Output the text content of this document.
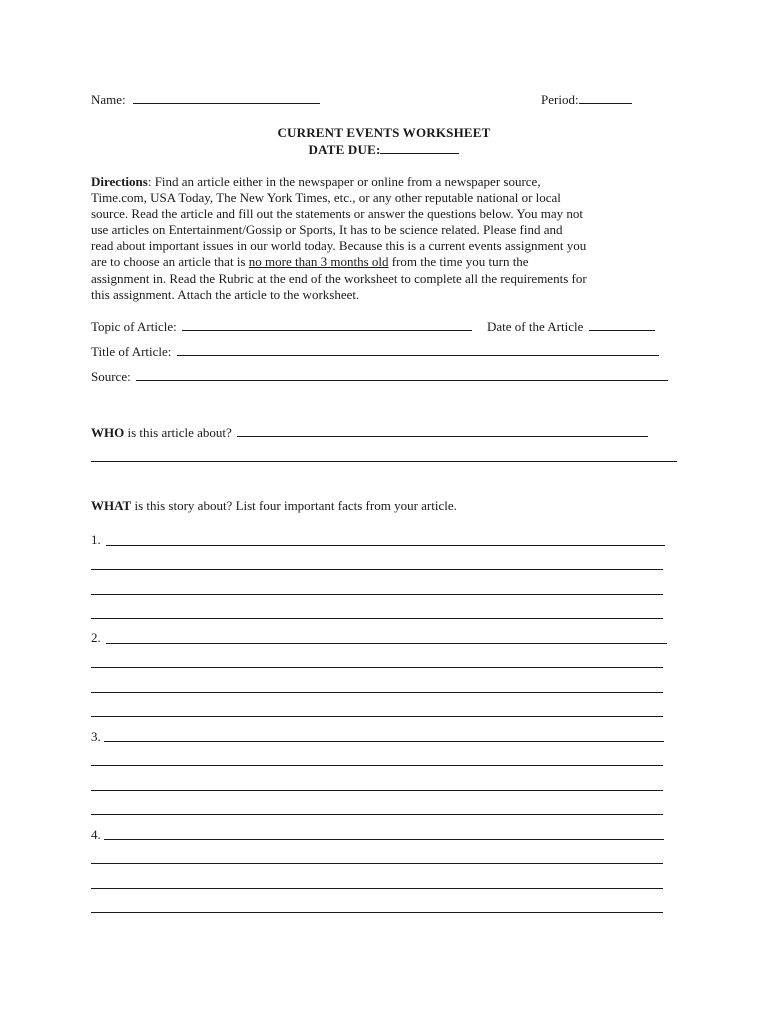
Name:	Period:
CURRENT EVENTS WORKSHEET
DATE DUE:

Directions: Find an article either in the newspaper or online from a newspaper source,

Time.com, USA Today, The New York Times, etc., or any other reputable national or local

source. Read the article and fill out the statements or answer the questions below. You may not

use articles on Entertainment/Gossip or Sports, It has to be science related. Please find and

read about important issues in our world today. Because this is a current events assignment you

are to choose an article that is no more than 3 months old from the time you turn the

assignment in. Read the Rubric at the end of the worksheet to complete all the requirements for

this assignment. Attach the article to the worksheet.

Topic of Article:	Date of the Article
Title of Article:
Source:
WHO is this article about?
WHAT is this story about? List four important facts from your article.
1.
2.
3.
4.
